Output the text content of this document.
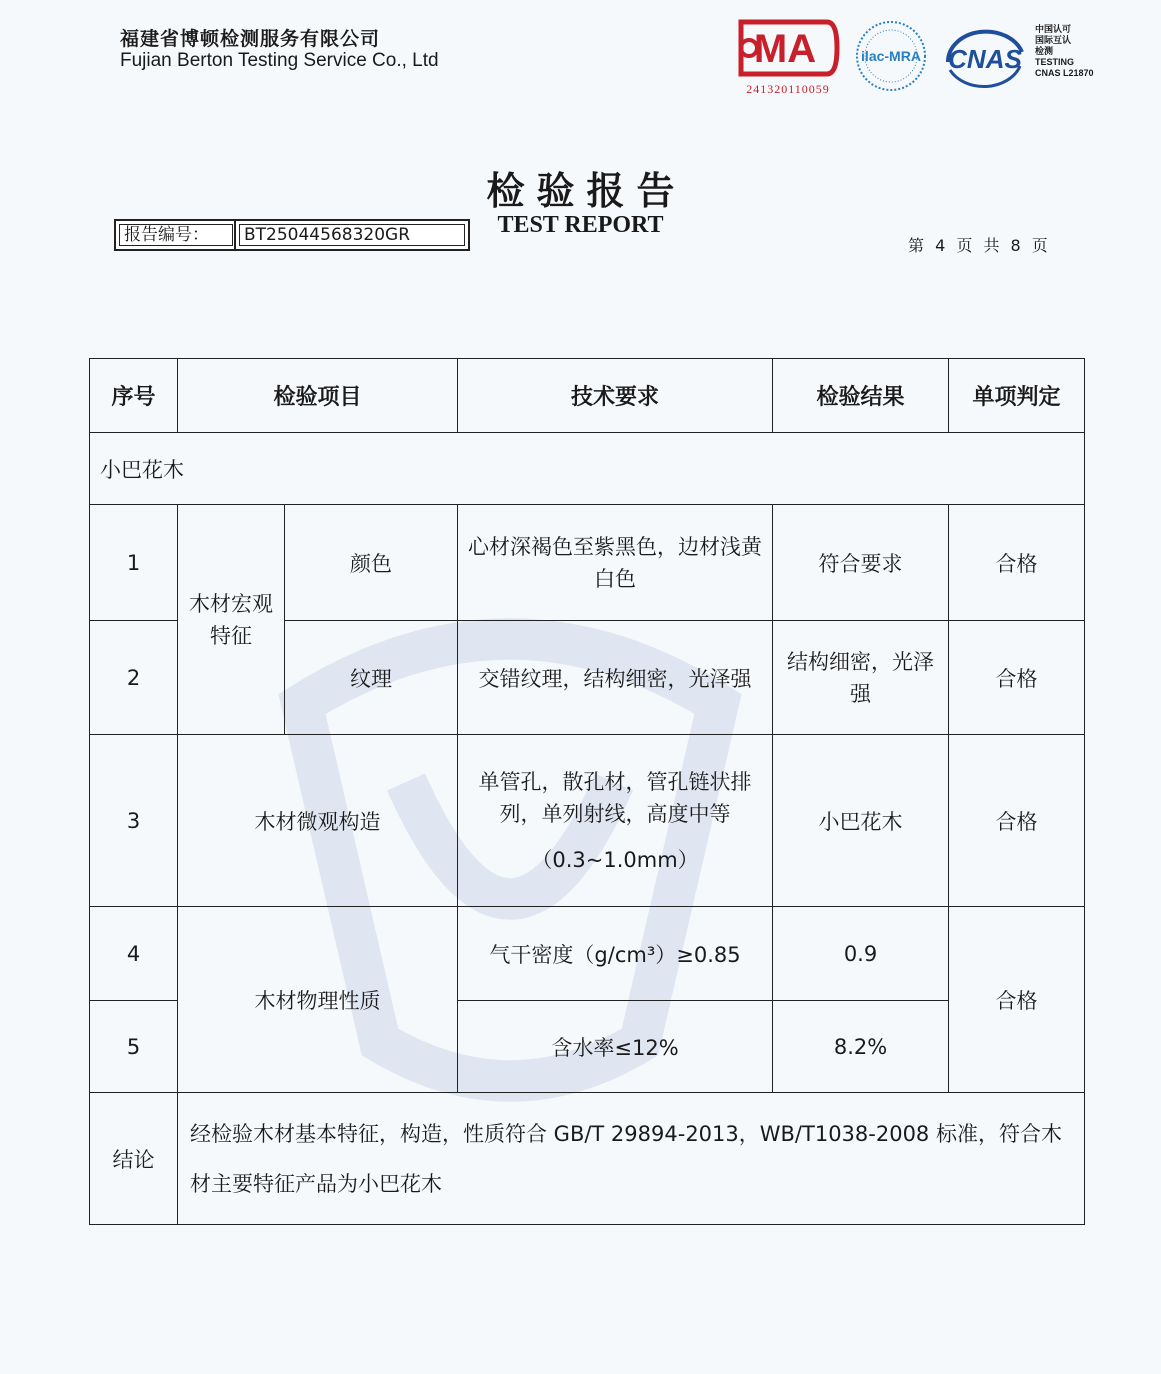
福建省博顿检测服务有限公司
Fujian Berton Testing Service Co., Ltd	MA
241320110059
ilac-MRA CNAS
中国认可
国际互认
检测
TESTING
CNAS L21870
检验报告
TEST REPORT
报告编号：	BT25044568320GR
第 4 页 共 8 页
序号	检验项目		技术要求	检验结果	单项判定
小巴花木					
1	木材宏观特征	颜色	心材深褐色至紫黑色，边材浅黄白色	符合要求	合格
2		纹理	交错纹理，结构细密，光泽强	结构细密，光泽强	合格
3	木材微观构造		单管孔，散孔材，管孔链状排列，单列射线，高度中等
（0.3~1.0mm）	小巴花木	合格
4	木材物理性质		气干密度（g/cm³）≥0.85	0.9	合格
5			含水率≤12%	8.2%	
结论	经检验木材基本特征，构造，性质符合 GB/T 29894-2013，WB/T1038-2008 标准，符合木材主要特征产品为小巴花木				
